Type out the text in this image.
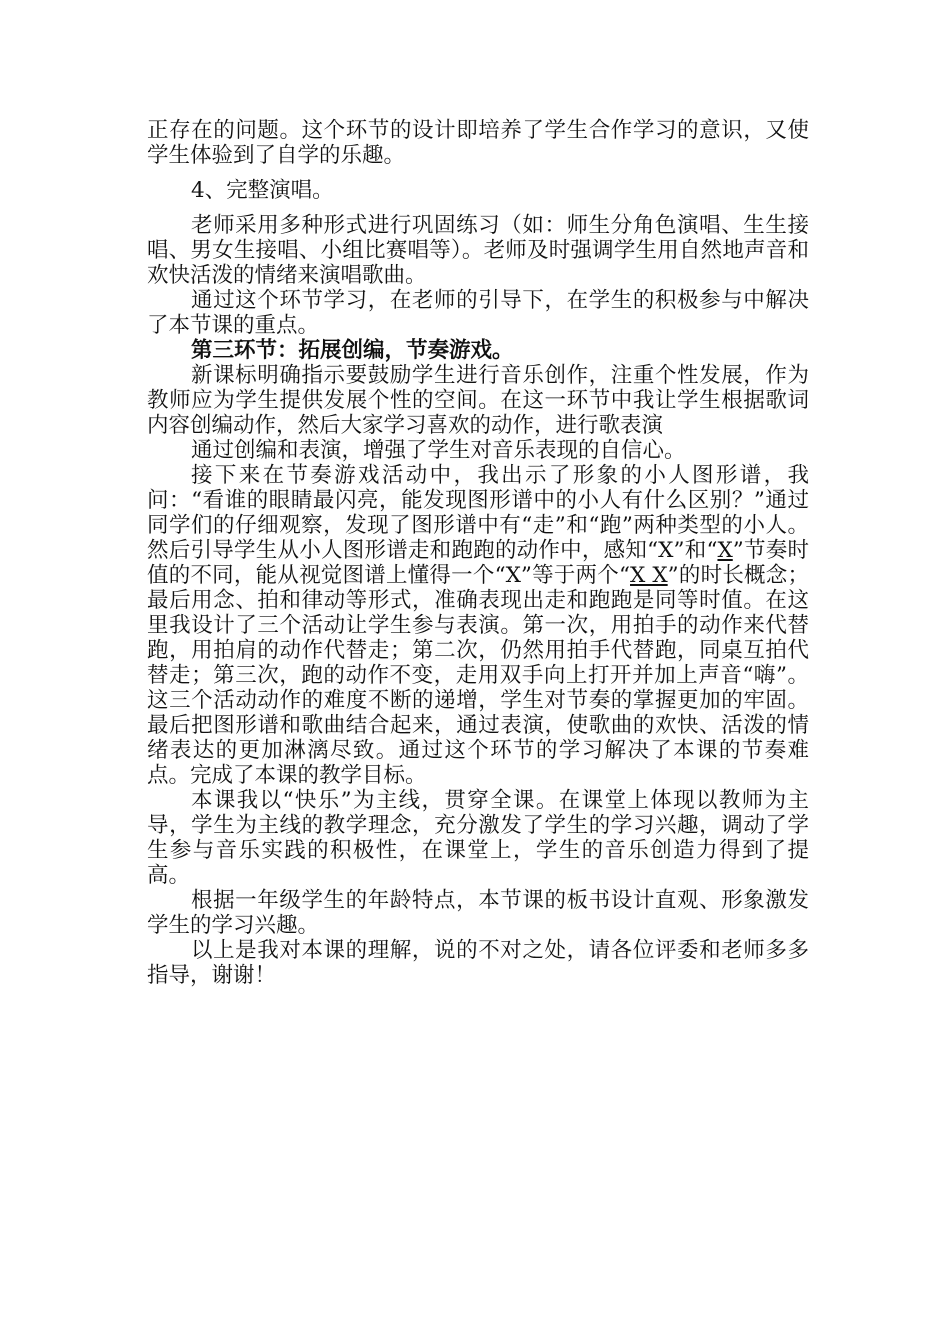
正存在的问题。这个环节的设计即培养了学生合作学习的意识，又使学生体验到了自学的乐趣。

4、完整演唱。

老师采用多种形式进行巩固练习（如：师生分角色演唱、生生接唱、男女生接唱、小组比赛唱等）。老师及时强调学生用自然地声音和欢快活泼的情绪来演唱歌曲。

通过这个环节学习，在老师的引导下，在学生的积极参与中解决了本节课的重点。

第三环节：拓展创编，节奏游戏。

新课标明确指示要鼓励学生进行音乐创作，注重个性发展，作为教师应为学生提供发展个性的空间。在这一环节中我让学生根据歌词内容创编动作，然后大家学习喜欢的动作，进行歌表演

通过创编和表演，增强了学生对音乐表现的自信心。

接下来在节奏游戏活动中，我出示了形象的小人图形谱，我问：“看谁的眼睛最闪亮，能发现图形谱中的小人有什么区别？”通过同学们的仔细观察，发现了图形谱中有“走”和“跑”两种类型的小人。然后引导学生从小人图形谱走和跑跑的动作中，感知“X”和“X”节奏时值的不同，能从视觉图谱上懂得一个“X”等于两个“X X”的时长概念；最后用念、拍和律动等形式，准确表现出走和跑跑是同等时值。在这里我设计了三个活动让学生参与表演。第一次，用拍手的动作来代替跑，用拍肩的动作代替走；第二次，仍然用拍手代替跑，同桌互拍代替走；第三次，跑的动作不变，走用双手向上打开并加上声音“嗨”。这三个活动动作的难度不断的递增，学生对节奏的掌握更加的牢固。最后把图形谱和歌曲结合起来，通过表演，使歌曲的欢快、活泼的情绪表达的更加淋漓尽致。通过这个环节的学习解决了本课的节奏难点。完成了本课的教学目标。

本课我以“快乐”为主线，贯穿全课。在课堂上体现以教师为主导，学生为主线的教学理念，充分激发了学生的学习兴趣，调动了学生参与音乐实践的积极性，在课堂上，学生的音乐创造力得到了提高。

根据一年级学生的年龄特点，本节课的板书设计直观、形象激发学生的学习兴趣。

以上是我对本课的理解，说的不对之处，请各位评委和老师多多指导，谢谢！
